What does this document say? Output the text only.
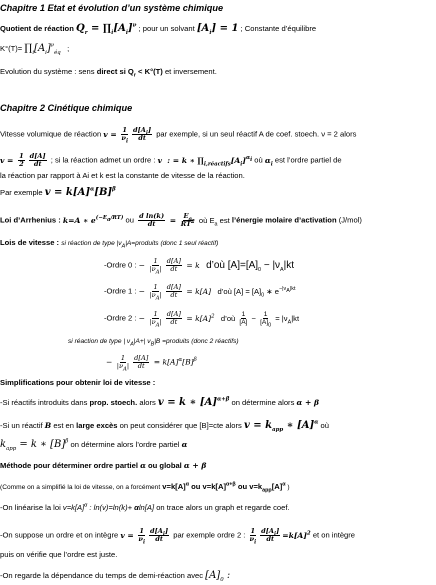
Chapitre 1 Etat et évolution d’un système chimique
Quotient de réaction $Q_r$ = $\prod_i[A_i]^\nu$ ; pour un solvant $[A_i] = 1$ ; Constante d’équilibre
$K^\circ(T)= \prod_i[A_i]^\nu_{éq}$   ;
Evolution du système : sens direct si $Q_r < K^\circ(T)$ et inversement.
Chapitre 2 Cinétique chimique
Vitesse volumique de réaction $v = \frac{1}{\nu_i} \frac{d[A_i]}{dt}$ par exemple, si un seul réactif A de coef. stoech. ν = 2 alors
$v = \frac{1}{2} \frac{d[A]}{dt}$ ; si la réaction admet un ordre : v  : = k ∗ $\prod_{i,réactifs}[A_i]^{\alpha_i}$ où $\alpha_i$ est l’ordre partiel de
la réaction par rapport à Ai et k est la constante de vitesse de la réaction.
Par exemple $v = k[A]^\alpha[B]^\beta$
Loi d’Arrhenius : k=A ∗ $e^{(-E_a/RT)}$ ou $\frac{\text{d ln(k)}}{dt} = \frac{E_a}{RT^2}$ où $E_a$ est l’énergie molaire d’activation (J/mol)
Lois de vitesse : si réaction de type $|\nu_A|A=produits$ (donc 1 seul réactif)
-Ordre 0 : − $\frac{1}{|\nu_A|} \frac{d[A]}{dt} = k$ d’où $[A]=[A]_0 - |\nu_A|kt$
-Ordre 1 : − $\frac{1}{|\nu_A|} \frac{d[A]}{dt} = k[A]$ d’où $[A] = [A]_0$ ∗ $e^{-|\nu_A|kt}$
-Ordre 2 : − $\frac{1}{|\nu_A|} \frac{d[A]}{dt} = k[A]^2$ d’où $\frac{1}{[A]} - \frac{1}{[A]_0} = |\nu_A|kt$
si réaction de type | $\nu_A|A+|$ $\nu_B|B$ =produits (donc 2 réactifs)
− $\frac{1}{|\nu_A|} \frac{d[A]}{dt} = k[A]^\alpha[B]^\beta$
Simplifications pour obtenir loi de vitesse :
-Si réactifs introduits dans prop. stoech. alors v = k ∗ $[A]^{\alpha+\beta}$ on détermine alors α + β
-Si un réactif B est en large excès on peut considérer que [B]=cte alors $v = k_{app}$ ∗ $[A]^\alpha$ où
$k_{app} = k$ ∗ $[B]^\beta$ on détermine alors l’ordre partiel α
Méthode pour déterminer ordre partiel α ou global α + β
(Comme on a simplifié la loi de vitesse, on a forcément $v=k[A]^\alpha$ ou $v=k[A]^{\alpha+\beta}$ ou $v=k_{app}[A]^\alpha$ )
-On linéarise la loi $v=k[A]^\alpha$ : ln(v)=ln(k)+ αln[A] on trace alors un graph et regarde coef.
-On suppose un ordre et on intègre $v = \frac{1}{\nu_i} \frac{d[A_i]}{dt}$ par exemple ordre 2 : $\frac{1}{\nu_i} \frac{d[A_i]}{dt} =k[A]^2$ et on intègre
puis on vérifie que l’ordre est juste.
-On regarde la dépendance du temps de demi-réaction avec $[A]_0$ :
